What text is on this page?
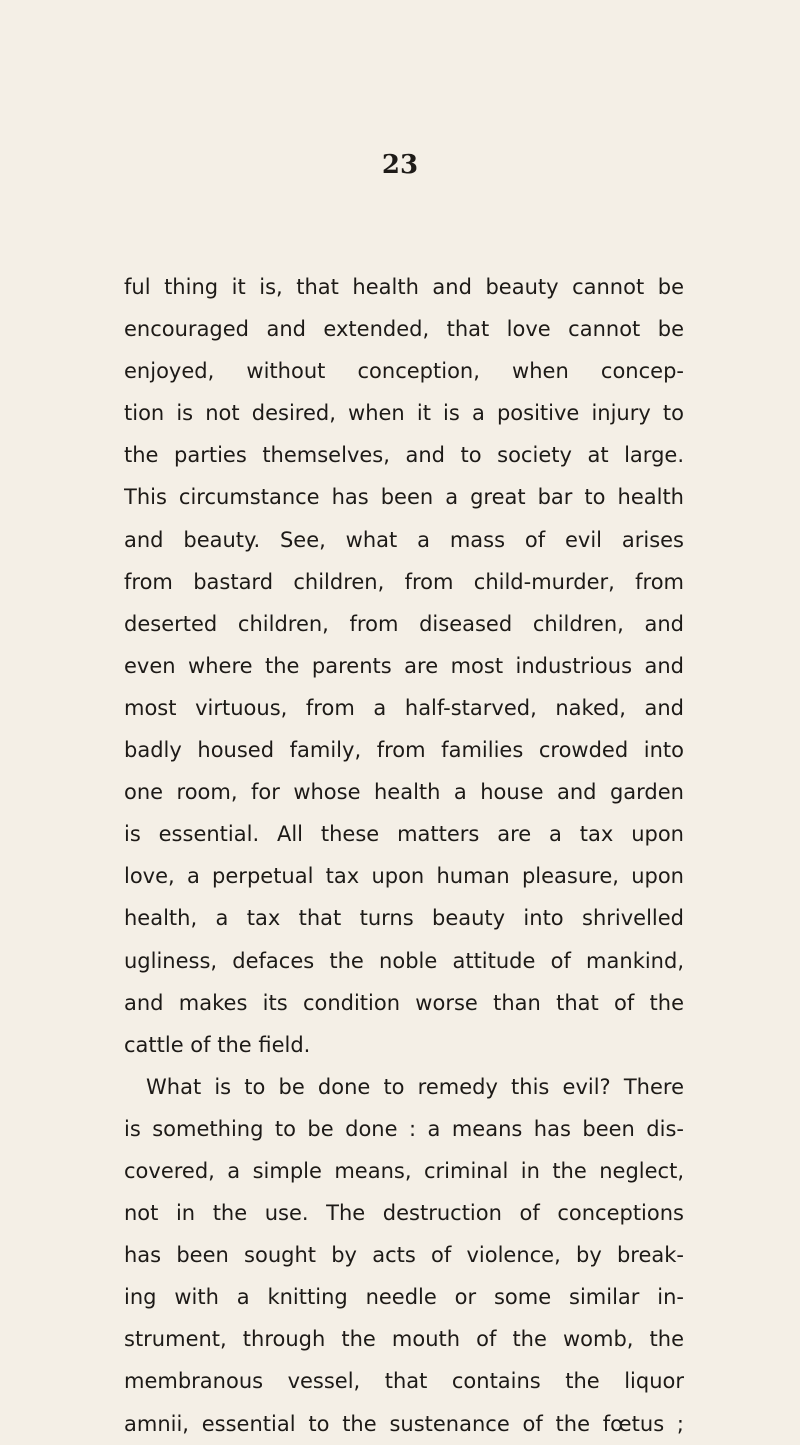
23
ful thing it is, that health and beauty cannot be
encouraged and extended, that love cannot be
enjoyed, without conception, when concep-
tion is not desired, when it is a positive injury to
the parties themselves, and to society at large.
This circumstance has been a great bar to health
and beauty. See, what a mass of evil arises
from bastard children, from child-murder, from
deserted children, from diseased children, and
even where the parents are most industrious and
most virtuous, from a half-starved, naked, and
badly housed family, from families crowded into
one room, for whose health a house and garden
is essential. All these matters are a tax upon
love, a perpetual tax upon human pleasure, upon
health, a tax that turns beauty into shrivelled
ugliness, defaces the noble attitude of mankind,
and makes its condition worse than that of the
cattle of the field.
What is to be done to remedy this evil? There
is something to be done : a means has been dis-
covered, a simple means, criminal in the neglect,
not in the use. The destruction of conceptions
has been sought by acts of violence, by break-
ing with a knitting needle or some similar in-
strument, through the mouth of the womb, the
membranous vessel, that contains the liquor
amnii, essential to the sustenance of the fœtus ;
